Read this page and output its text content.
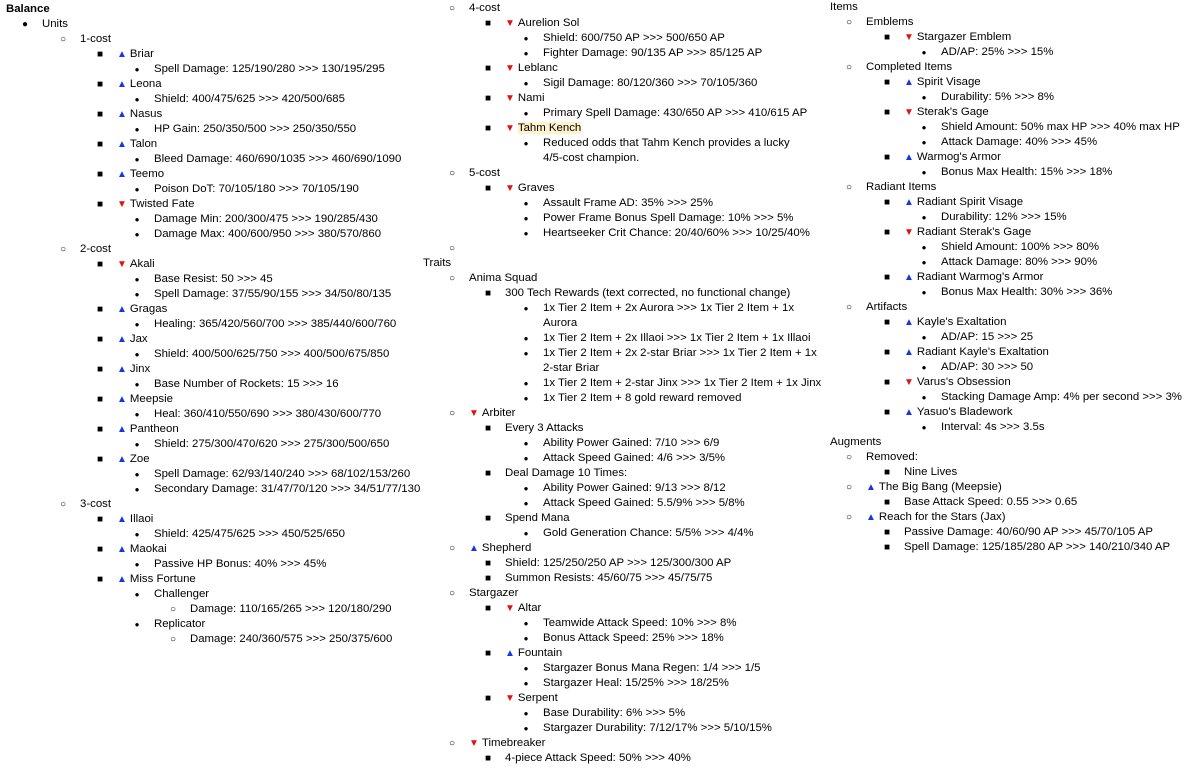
Balance
●	Units
○	1-cost
■	▲ Briar
●	Spell Damage: 125/190/280 >>> 130/195/295
■	▲ Leona
●	Shield: 400/475/625 >>> 420/500/685
■	▲ Nasus
●	HP Gain: 250/350/500 >>> 250/350/550
■	▲ Talon
●	Bleed Damage: 460/690/1035 >>> 460/690/1090
■	▲ Teemo
●	Poison DoT: 70/105/180 >>> 70/105/190
■	▼ Twisted Fate
●	Damage Min: 200/300/475 >>> 190/285/430
●	Damage Max: 400/600/950 >>> 380/570/860
○	2-cost
■	▼ Akali
●	Base Resist: 50 >>> 45
●	Spell Damage: 37/55/90/155 >>> 34/50/80/135
■	▲ Gragas
●	Healing: 365/420/560/700 >>> 385/440/600/760
■	▲ Jax
●	Shield: 400/500/625/750 >>> 400/500/675/850
■	▲ Jinx
●	Base Number of Rockets: 15 >>> 16
■	▲ Meepsie
●	Heal: 360/410/550/690 >>> 380/430/600/770
■	▲ Pantheon
●	Shield: 275/300/470/620 >>> 275/300/500/650
■	▲ Zoe
●	Spell Damage: 62/93/140/240 >>> 68/102/153/260
●	Secondary Damage: 31/47/70/120 >>> 34/51/77/130
○	3-cost
■	▲ Illaoi
●	Shield: 425/475/625 >>> 450/525/650
■	▲ Maokai
●	Passive HP Bonus: 40% >>> 45%
■	▲ Miss Fortune
●	Challenger
○	Damage: 110/165/265 >>> 120/180/290
●	Replicator
○	Damage: 240/360/575 >>> 250/375/600
○	4-cost
■	▼ Aurelion Sol
●	Shield: 600/750 AP >>> 500/650 AP
●	Fighter Damage: 90/135 AP >>> 85/125 AP
■	▼ Leblanc
●	Sigil Damage: 80/120/360 >>> 70/105/360
■	▼ Nami
●	Primary Spell Damage: 430/650 AP >>> 410/615 AP
■	▼ Tahm Kench
●	Reduced odds that Tahm Kench provides a lucky
4/5-cost champion.
○	5-cost
■	▼ Graves
●	Assault Frame AD: 35% >>> 25%
●	Power Frame Bonus Spell Damage: 10% >>> 5%
●	Heartseeker Crit Chance: 20/40/60% >>> 10/25/40%
○
Traits
○	Anima Squad
■	300 Tech Rewards (text corrected, no functional change)
●	1x Tier 2 Item + 2x Aurora >>> 1x Tier 2 Item + 1x
Aurora
●	1x Tier 2 Item + 2x Illaoi >>> 1x Tier 2 Item + 1x Illaoi
●	1x Tier 2 Item + 2x 2-star Briar >>> 1x Tier 2 Item + 1x
2-star Briar
●	1x Tier 2 Item + 2-star Jinx >>> 1x Tier 2 Item + 1x Jinx
●	1x Tier 2 Item + 8 gold reward removed
○	▼ Arbiter
■	Every 3 Attacks
●	Ability Power Gained: 7/10 >>> 6/9
●	Attack Speed Gained: 4/6 >>> 3/5%
■	Deal Damage 10 Times:
●	Ability Power Gained: 9/13 >>> 8/12
●	Attack Speed Gained: 5.5/9% >>> 5/8%
■	Spend Mana
●	Gold Generation Chance: 5/5% >>> 4/4%
○	▲ Shepherd
■	Shield: 125/250/250 AP >>> 125/300/300 AP
■	Summon Resists: 45/60/75 >>> 45/75/75
○	Stargazer
■	▼ Altar
●	Teamwide Attack Speed: 10% >>> 8%
●	Bonus Attack Speed: 25% >>> 18%
■	▲ Fountain
●	Stargazer Bonus Mana Regen: 1/4 >>> 1/5
●	Stargazer Heal: 15/25% >>> 18/25%
■	▼ Serpent
●	Base Durability: 6% >>> 5%
●	Stargazer Durability: 7/12/17% >>> 5/10/15%
○	▼ Timebreaker
■	4-piece Attack Speed: 50% >>> 40%
Items
○	Emblems
■	▼ Stargazer Emblem
●	AD/AP: 25% >>> 15%
○	Completed Items
■	▲ Spirit Visage
●	Durability: 5% >>> 8%
■	▼ Sterak's Gage
●	Shield Amount: 50% max HP >>> 40% max HP
●	Attack Damage: 40% >>> 45%
■	▲ Warmog's Armor
●	Bonus Max Health: 15% >>> 18%
○	Radiant Items
■	▲ Radiant Spirit Visage
●	Durability: 12% >>> 15%
■	▼ Radiant Sterak's Gage
●	Shield Amount: 100% >>> 80%
●	Attack Damage: 80% >>> 90%
■	▲ Radiant Warmog's Armor
●	Bonus Max Health: 30% >>> 36%
○	Artifacts
■	▲ Kayle's Exaltation
●	AD/AP: 15 >>> 25
■	▲ Radiant Kayle's Exaltation
●	AD/AP: 30 >>> 50
■	▼ Varus's Obsession
●	Stacking Damage Amp: 4% per second >>> 3%
■	▲ Yasuo's Bladework
●	Interval: 4s >>> 3.5s
Augments
○	Removed:
■	Nine Lives
○	▲ The Big Bang (Meepsie)
■	Base Attack Speed: 0.55 >>> 0.65
○	▲ Reach for the Stars (Jax)
■	Passive Damage: 40/60/90 AP >>> 45/70/105 AP
■	Spell Damage: 125/185/280 AP >>> 140/210/340 AP
